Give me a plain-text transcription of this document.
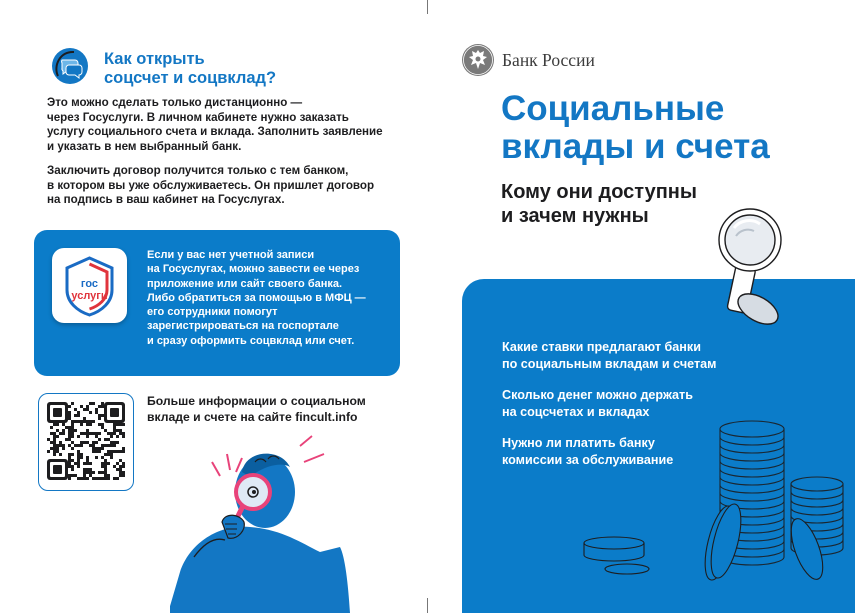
Как открыть
соцсчет и соцвклад?

Это можно сделать только дистанционно —
через Госуслуги. В личном кабинете нужно заказать
услугу социального счета и вклада. Заполнить заявление
и указать в нем выбранный банк.

Заключить договор получится только с тем банком,
в котором вы уже обслуживаетесь. Он пришлет договор
на подпись в ваш кабинет на Госуслугах.

гос
услуги

Если у вас нет учетной записи
на Госуслугах, можно завести ее через
приложение или сайт своего банка.
Либо обратиться за помощью в МФЦ —
его сотрудники помогут
зарегистрироваться на госпортале
и сразу оформить соцвклад или счет.

Больше информации о социальном
вкладе и счете на сайте fincult.info

Банк России
Социальные
вклады и счета
Кому они доступны
и зачем нужны
Какие ставки предлагают банки
по социальным вкладам и счетам
Сколько денег можно держать
на соцсчетах и вкладах
Нужно ли платить банку
комиссии за обслуживание
